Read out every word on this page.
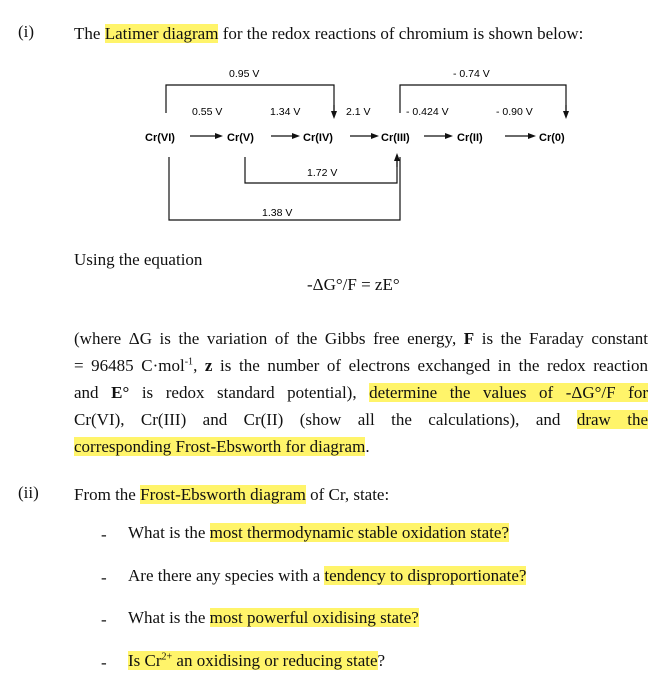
(i) The Latimer diagram for the redox reactions of chromium is shown below:
Cr(VI)	Cr(V)	Cr(IV)	Cr(III)	Cr(II)	Cr(0)
0.95 V	- 0.74 V
0.55 V	1.34 V	2.1 V	- 0.424 V	- 0.90 V
1.72 V
1.38 V
Using the equation
-ΔG°/F = zE°
(where ΔG is the variation of the Gibbs free energy, F is the Faraday constant
= 96485 C·mol$^{-1}$, z is the number of electrons exchanged in the redox reaction
and E° is redox standard potential), determine the values of -ΔG°/F for
Cr(VI), Cr(III) and Cr(II) (show all the calculations), and draw the
corresponding Frost-Ebsworth for diagram.
(ii) From the Frost-Ebsworth diagram of Cr, state:
- What is the most thermodynamic stable oxidation state?
- Are there any species with a tendency to disproportionate?
- What is the most powerful oxidising state?
- Is $Cr^{2+}$ an oxidising or reducing state?
